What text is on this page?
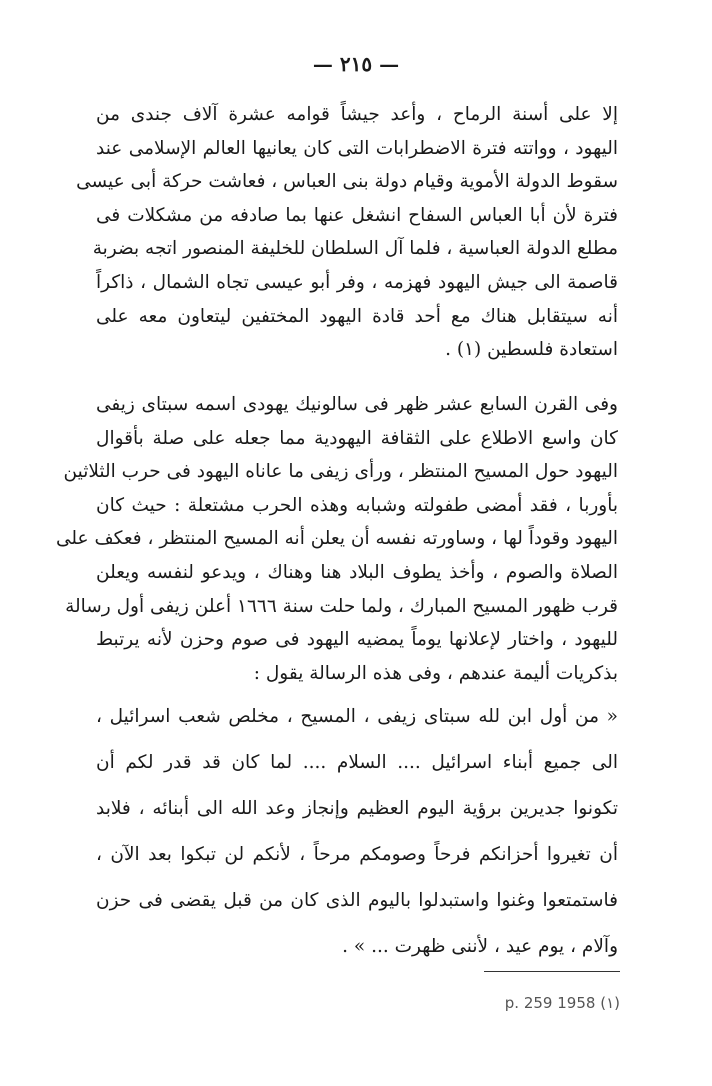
— ٢١٥ —
إلا على أسنة الرماح ، وأعد جيشاً قوامه عشرة آلاف جندى من
اليهود ، وواتته فترة الاضطرابات التى كان يعانيها العالم الإسلامى عند
سقوط الدولة الأموية وقيام دولة بنى العباس ، فعاشت حركة أبى عيسى
فترة لأن أبا العباس السفاح انشغل عنها بما صادفه من مشكلات فى
مطلع الدولة العباسية ، فلما آل السلطان للخليفة المنصور اتجه بضربة
قاصمة الى جيش اليهود فهزمه ، وفر أبو عيسى تجاه الشمال ، ذاكراً
أنه سيتقابل هناك مع أحد قادة اليهود المختفين ليتعاون معه على
استعادة فلسطين (١) .
وفى القرن السابع عشر ظهر فى سالونيك يهودى اسمه سبتاى زيفى
كان واسع الاطلاع على الثقافة اليهودية مما جعله على صلة بأقوال
اليهود حول المسيح المنتظر ، ورأى زيفى ما عاناه اليهود فى حرب الثلاثين
بأوربا ، فقد أمضى طفولته وشبابه وهذه الحرب مشتعلة : حيث كان
اليهود وقوداً لها ، وساورته نفسه أن يعلن أنه المسيح المنتظر ، فعكف على
الصلاة والصوم ، وأخذ يطوف البلاد هنا وهناك ، ويدعو لنفسه ويعلن
قرب ظهور المسيح المبارك ، ولما حلت سنة ١٦٦٦ أعلن زيفى أول رسالة
لليهود ، واختار لإعلانها يوماً يمضيه اليهود فى صوم وحزن لأنه يرتبط
بذكريات أليمة عندهم ، وفى هذه الرسالة يقول :
« من أول ابن لله سبتاى زيفى ، المسيح ، مخلص شعب اسرائيل ،
الى جميع أبناء اسرائيل .... السلام .... لما كان قد قدر لكم أن
تكونوا جديرين برؤية اليوم العظيم وإنجاز وعد الله الى أبنائه ، فلابد
أن تغيروا أحزانكم فرحاً وصومكم مرحاً ، لأنكم لن تبكوا بعد الآن ،
فاستمتعوا وغنوا واستبدلوا باليوم الذى كان من قبل يقضى فى حزن
وآلام ، يوم عيد ، لأننى ظهرت ... » .
(١) 1958 p. 259
